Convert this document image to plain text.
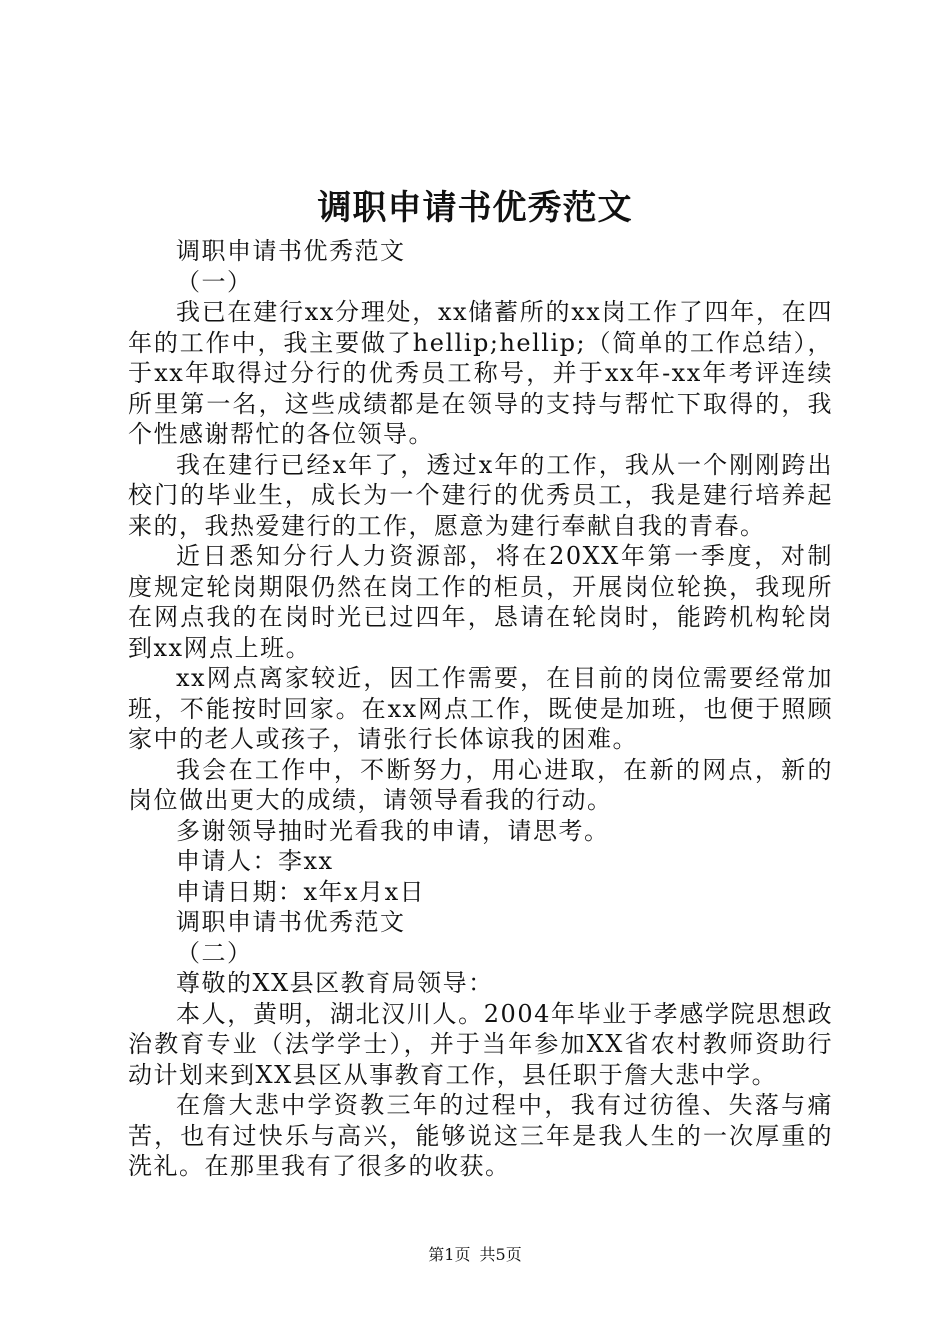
调职申请书优秀范文

调职申请书优秀范文

（一）

我已在建行xx分理处，xx储蓄所的xx岗工作了四年，在四年的工作中，我主要做了hellip;hellip;（简单的工作总结），于xx年取得过分行的优秀员工称号，并于xx年-xx年考评连续所里第一名，这些成绩都是在领导的支持与帮忙下取得的，我个性感谢帮忙的各位领导。

我在建行已经x年了，透过x年的工作，我从一个刚刚跨出校门的毕业生，成长为一个建行的优秀员工，我是建行培养起来的，我热爱建行的工作，愿意为建行奉献自我的青春。

近日悉知分行人力资源部，将在20XX年第一季度，对制度规定轮岗期限仍然在岗工作的柜员，开展岗位轮换，我现所在网点我的在岗时光已过四年，恳请在轮岗时，能跨机构轮岗到xx网点上班。

xx网点离家较近，因工作需要，在目前的岗位需要经常加班，不能按时回家。在xx网点工作，既使是加班，也便于照顾家中的老人或孩子，请张行长体谅我的困难。

我会在工作中，不断努力，用心进取，在新的网点，新的岗位做出更大的成绩，请领导看我的行动。

多谢领导抽时光看我的申请，请思考。

申请人：李xx

申请日期：x年x月x日

调职申请书优秀范文

（二）

尊敬的XX县区教育局领导：

本人，黄明，湖北汉川人。2004年毕业于孝感学院思想政治教育专业（法学学士），并于当年参加XX省农村教师资助行动计划来到XX县区从事教育工作，县任职于詹大悲中学。

在詹大悲中学资教三年的过程中，我有过彷徨、失落与痛苦，也有过快乐与高兴，能够说这三年是我人生的一次厚重的洗礼。在那里我有了很多的收获。

第1页 共5页
